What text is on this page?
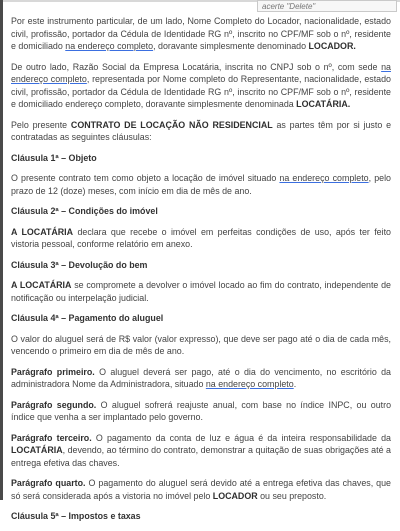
acerte "Delete"

Por este instrumento particular, de um lado, Nome Completo do Locador, nacionalidade, estado civil, profissão, portador da Cédula de Identidade RG nº, inscrito no CPF/MF sob o nº, residente e domiciliado na endereço completo, doravante simplesmente denominado LOCADOR.

De outro lado, Razão Social da Empresa Locatária, inscrita no CNPJ sob o nº, com sede na endereço completo, representada por Nome completo do Representante, nacionalidade, estado civil, profissão, portador da Cédula de Identidade RG nº, inscrito no CPF/MF sob o nº, residente e domiciliado endereço completo, doravante simplesmente denominada LOCATÁRIA.

Pelo presente CONTRATO DE LOCAÇÃO NÃO RESIDENCIAL as partes têm por si justo e contratadas as seguintes cláusulas:

Cláusula 1ª – Objeto

O presente contrato tem como objeto a locação de imóvel situado na endereço completo, pelo prazo de 12 (doze) meses, com início em dia de mês de ano.

Cláusula 2ª – Condições do imóvel

A LOCATÁRIA declara que recebe o imóvel em perfeitas condições de uso, após ter feito vistoria pessoal, conforme relatório em anexo.

Cláusula 3ª – Devolução do bem

A LOCATÁRIA se compromete a devolver o imóvel locado ao fim do contrato, independente de notificação ou interpelação judicial.

Cláusula 4ª – Pagamento do aluguel

O valor do aluguel será de R$ valor (valor expresso), que deve ser pago até o dia de cada mês, vencendo o primeiro em dia de mês de ano.

Parágrafo primeiro. O aluguel deverá ser pago, até o dia do vencimento, no escritório da administradora Nome da Administradora, situado na endereço completo.

Parágrafo segundo. O aluguel sofrerá reajuste anual, com base no índice INPC, ou outro índice que venha a ser implantado pelo governo.

Parágrafo terceiro. O pagamento da conta de luz e água é da inteira responsabilidade da LOCATÁRIA, devendo, ao término do contrato, demonstrar a quitação de suas obrigações até a entrega efetiva das chaves.

Parágrafo quarto. O pagamento do aluguel será devido até a entrega efetiva das chaves, que só será considerada após a vistoria no imóvel pelo LOCADOR ou seu preposto.

Cláusula 5ª – Impostos e taxas
